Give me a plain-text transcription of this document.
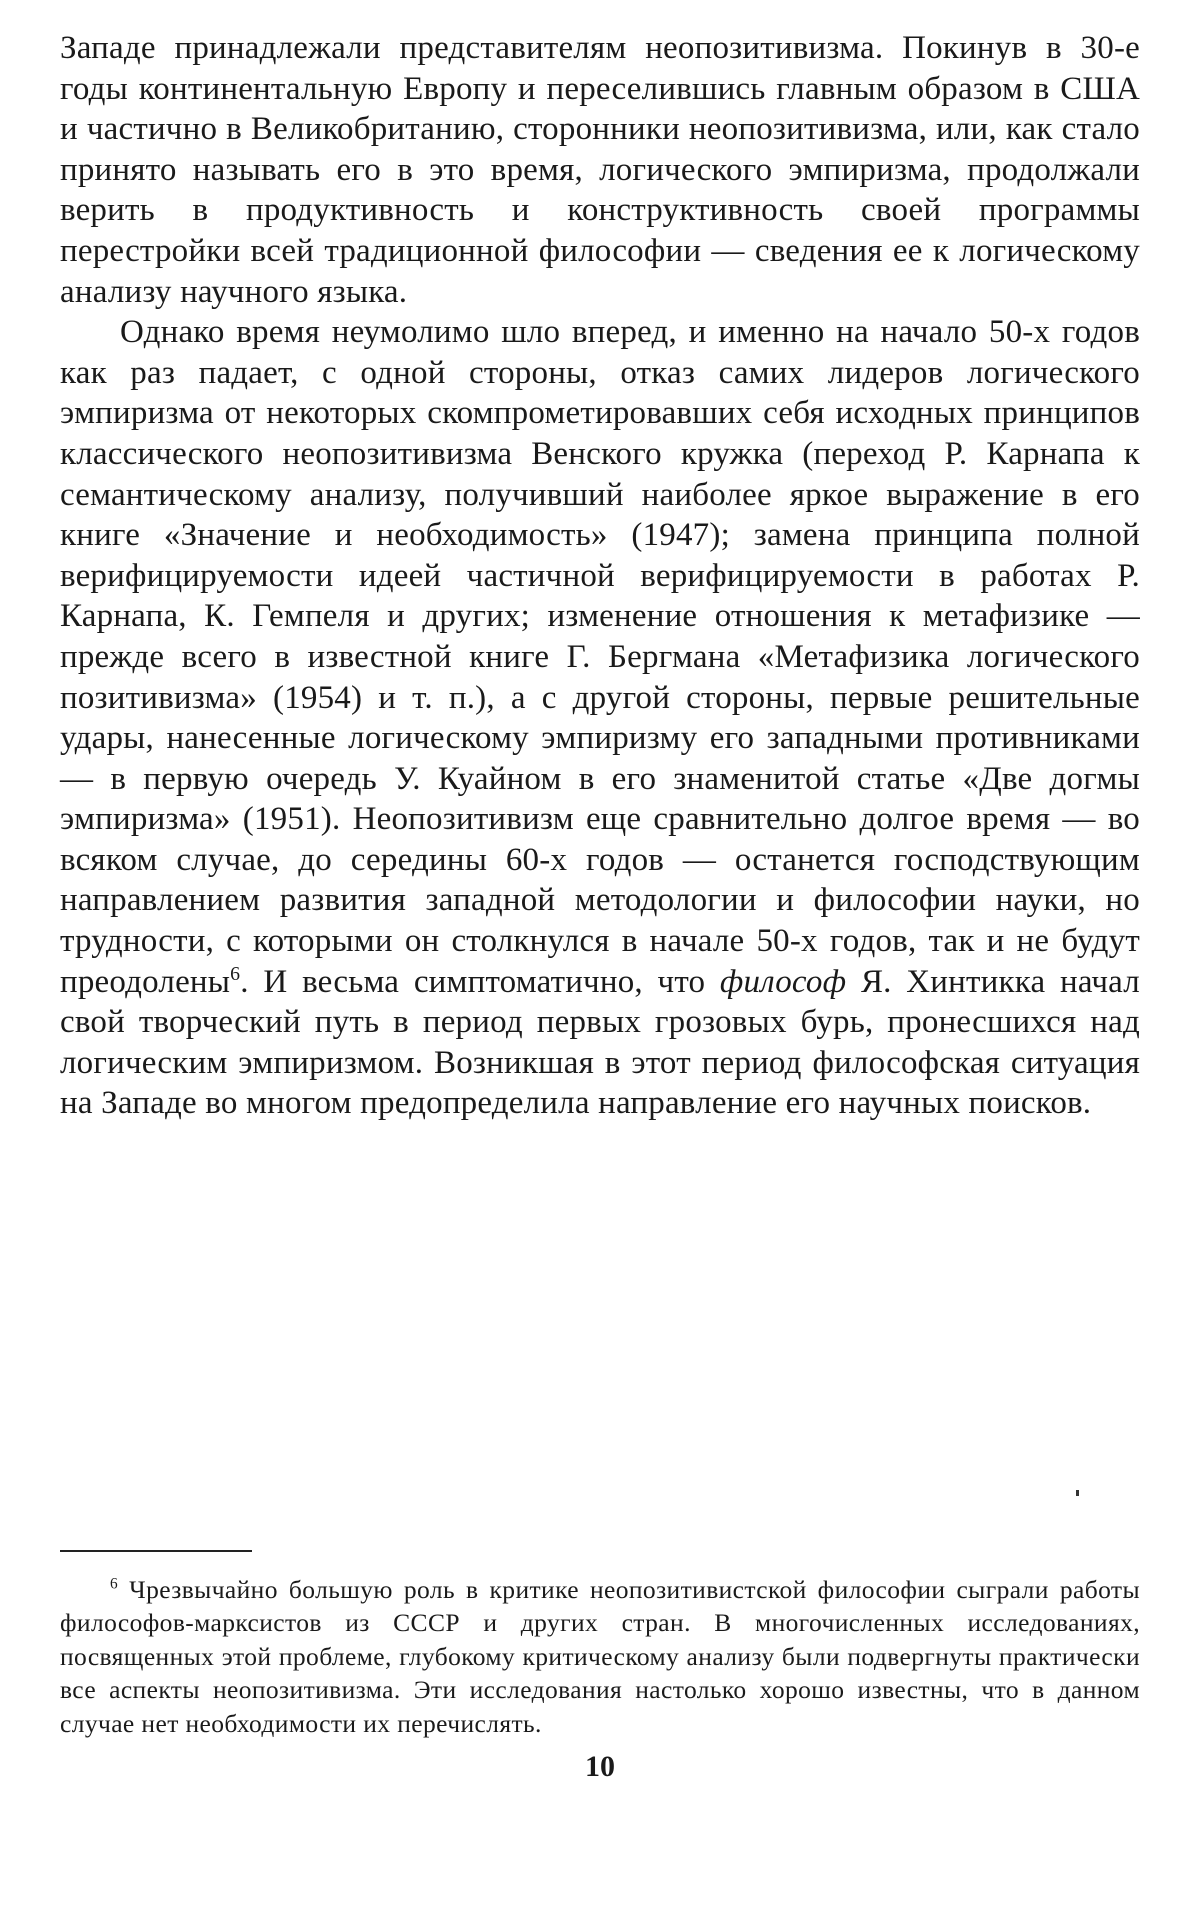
Западе принадлежали представителям неопозитивизма. Покинув в 30-е годы континентальную Европу и переселившись главным образом в США и частично в Великобританию, сторонники неопозитивизма, или, как стало принято называть его в это время, логического эмпиризма, продолжали верить в продуктивность и конструктивность своей программы перестройки всей традиционной философии — сведения ее к логическому анализу научного языка.

Однако время неумолимо шло вперед, и именно на начало 50-х годов как раз падает, с одной стороны, отказ самих лидеров логического эмпиризма от некоторых скомпрометировавших себя исходных принципов классического неопозитивизма Венского кружка (переход Р. Карнапа к семантическому анализу, получивший наиболее яркое выражение в его книге «Значение и необходимость» (1947); замена принципа полной верифицируемости идеей частичной верифицируемости в работах Р. Карнапа, К. Гемпеля и других; изменение отношения к метафизике — прежде всего в известной книге Г. Бергмана «Метафизика логического позитивизма» (1954) и т. п.), а с другой стороны, первые решительные удары, нанесенные логическому эмпиризму его западными противниками — в первую очередь У. Куайном в его знаменитой статье «Две догмы эмпиризма» (1951). Неопозитивизм еще сравнительно долгое время — во всяком случае, до середины 60-х годов — останется господствующим направлением развития западной методологии и философии науки, но трудности, с которыми он столкнулся в начале 50-х годов, так и не будут преодолены$^6$. И весьма симптоматично, что философ Я. Хинтикка начал свой творческий путь в период первых грозовых бурь, пронесшихся над логическим эмпиризмом. Возникшая в этот период философская ситуация на Западе во многом предопределила направление его научных поисков.

$^6$ Чрезвычайно большую роль в критике неопозитивистской философии сыграли работы философов-марксистов из СССР и других стран. В многочисленных исследованиях, посвященных этой проблеме, глубокому критическому анализу были подвергнуты практически все аспекты неопозитивизма. Эти исследования настолько хорошо известны, что в данном случае нет необходимости их перечислять.

10
